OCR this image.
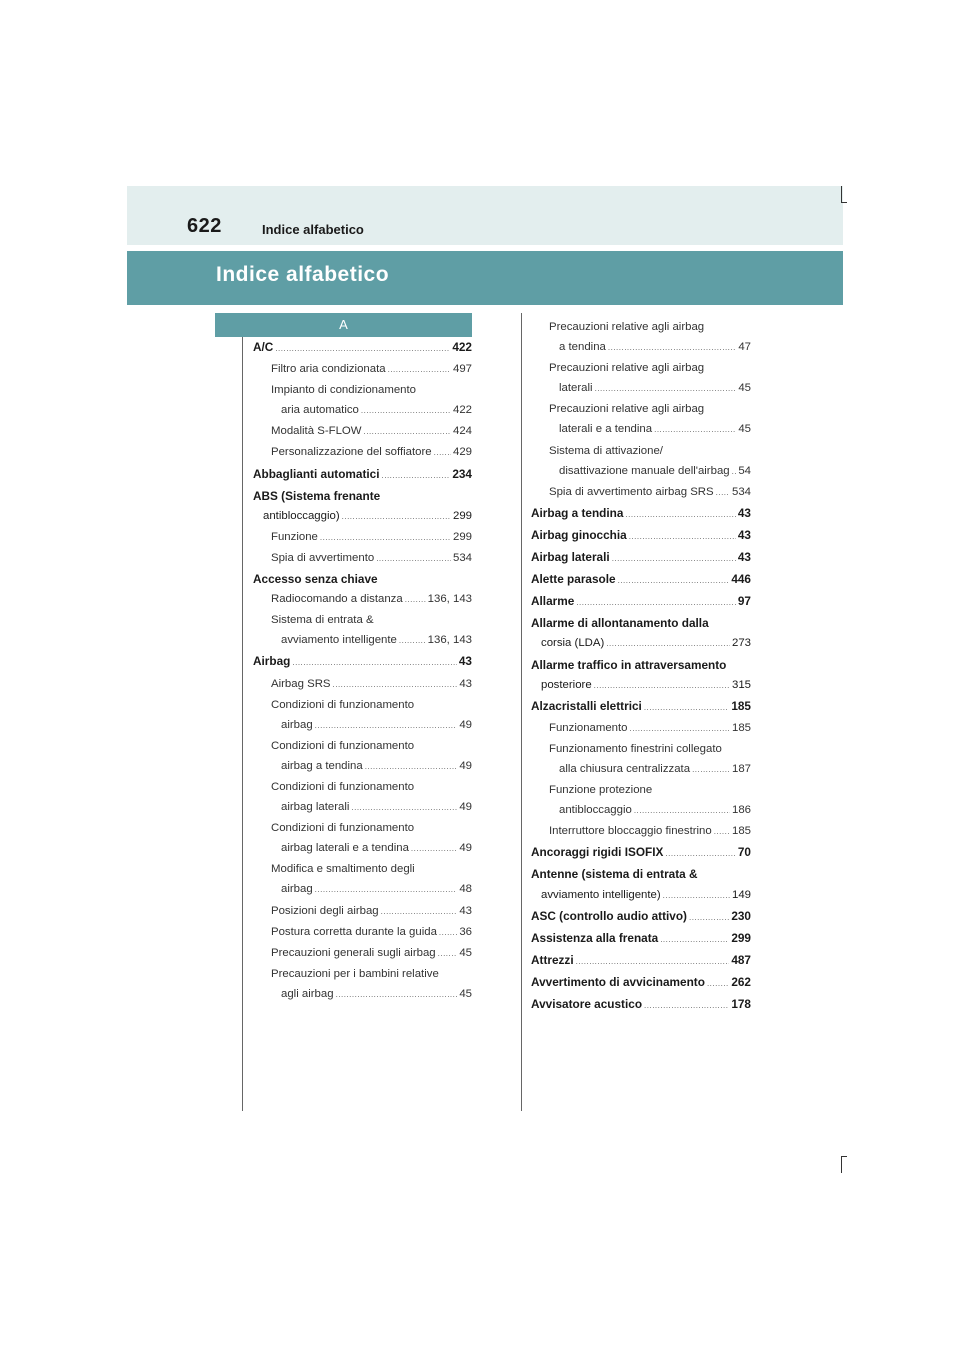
622	Indice alfabetico
Indice alfabetico
A
A/C .....	422
Filtro aria condizionata .....	497
Impianto di condizionamento
aria automatico .....	422
Modalità S-FLOW .....	424
Personalizzazione del soffiatore ..... 429
Abbaglianti automatici .....	234
ABS (Sistema frenante
antibloccaggio) .....	299
Funzione .....	299
Spia di avvertimento .....	534
Accesso senza chiave
Radiocomando a distanza ..... 136, 143
Sistema di entrata &
avviamento intelligente .....	136, 143
Airbag .....	43
Airbag SRS .....	43
Condizioni di funzionamento
airbag .....	49
Condizioni di funzionamento
airbag a tendina .....	49
Condizioni di funzionamento
airbag laterali .....	49
Condizioni di funzionamento
airbag laterali e a tendina .....	49
Modifica e smaltimento degli
airbag .....	48
Posizioni degli airbag .....	43
Postura corretta durante la guida ..... 36
Precauzioni generali sugli airbag ..... 45
Precauzioni per i bambini relative
agli airbag .....	45
Precauzioni relative agli airbag
a tendina .....	47
Precauzioni relative agli airbag
laterali .....	45
Precauzioni relative agli airbag
laterali e a tendina .....	45
Sistema di attivazione/
disattivazione manuale dell'airbag ..... 54
Spia di avvertimento airbag SRS ..... 534
Airbag a tendina .....	43
Airbag ginocchia .....	43
Airbag laterali .....	43
Alette parasole .....	446
Allarme .....	97
Allarme di allontanamento dalla
corsia (LDA) .....	273
Allarme traffico in attraversamento
posteriore .....	315
Alzacristalli elettrici .....	185
Funzionamento .....	185
Funzionamento finestrini collegato
alla chiusura centralizzata .....	187
Funzione protezione
antibloccaggio .....	186
Interruttore bloccaggio finestrino ..... 185
Ancoraggi rigidi ISOFIX .....	70
Antenne (sistema di entrata &
avviamento intelligente) .....	149
ASC (controllo audio attivo) .....	230
Assistenza alla frenata .....	299
Attrezzi .....	487
Avvertimento di avvicinamento ..... 262
Avvisatore acustico .....	178
